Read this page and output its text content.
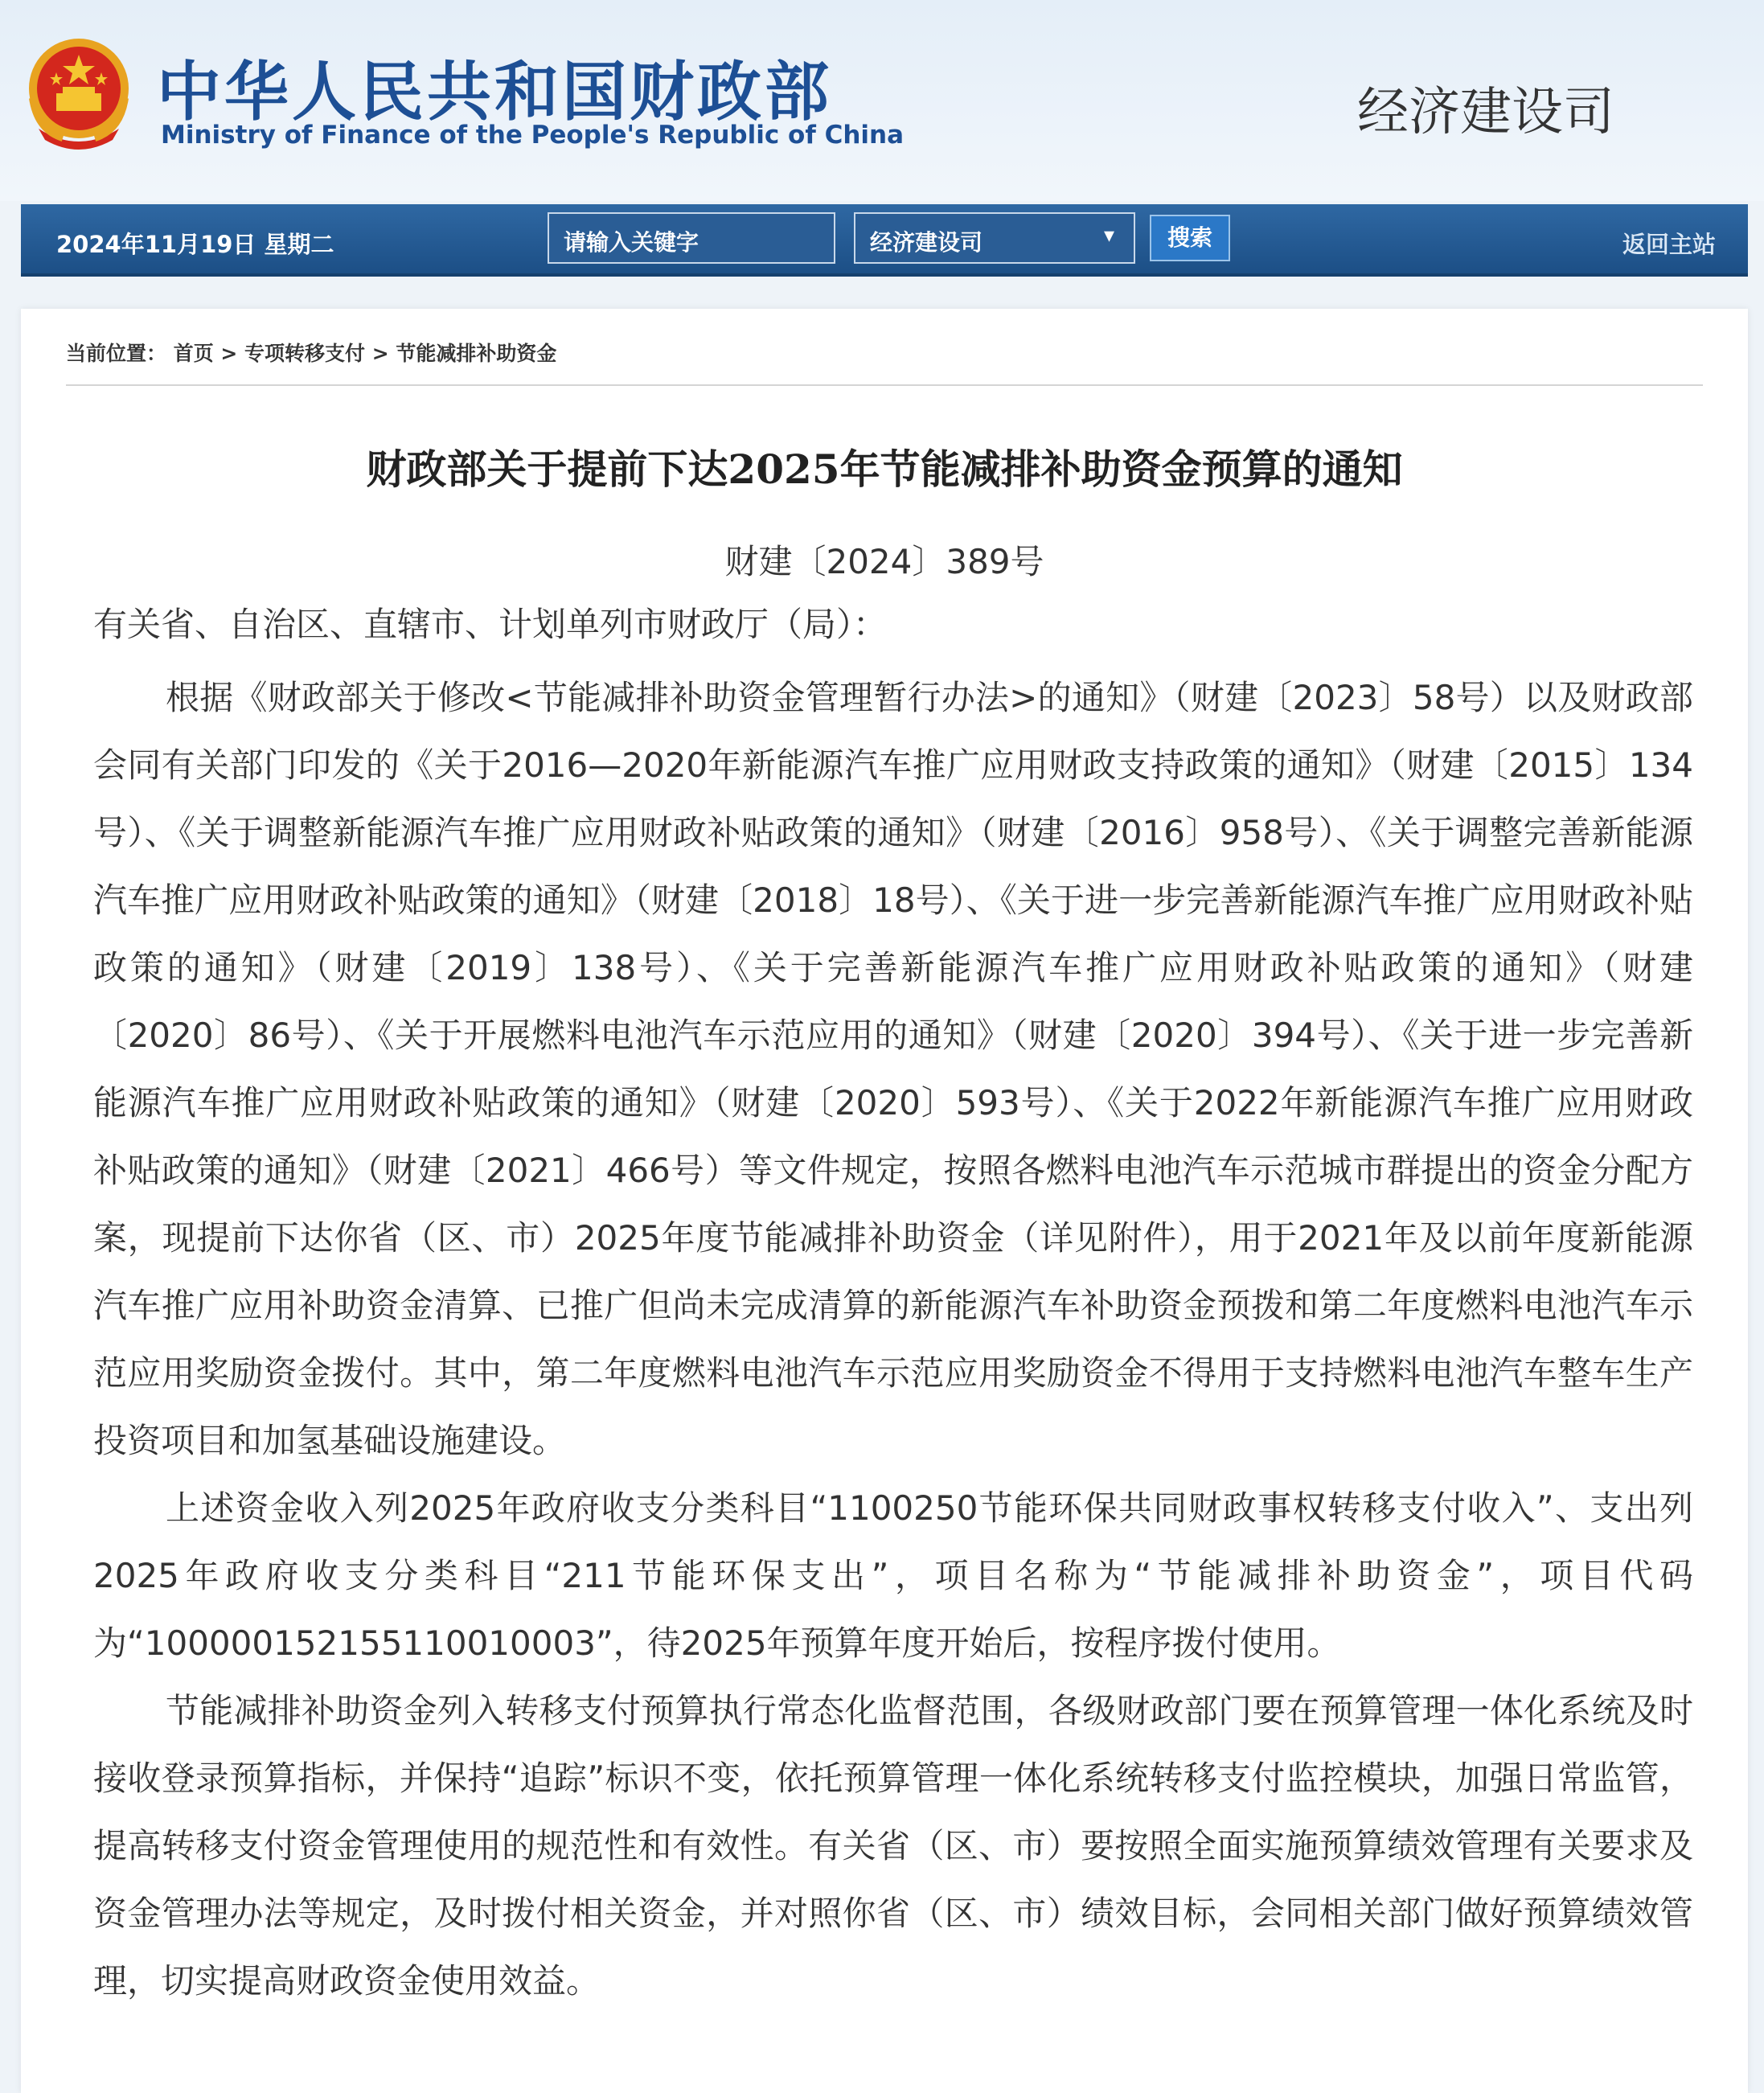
中华人民共和国财政部
Ministry of Finance of the People's Republic of China	经济建设司
2024年11月19日 星期二	请输入关键字	经济建设司	▾	搜索	返回主站
当前位置： 首页 > 专项转移支付 > 节能减排补助资金
财政部关于提前下达2025年节能减排补助资金预算的通知
财建〔2024〕389号
有关省、自治区、直辖市、计划单列市财政厅（局）：

根据《财政部关于修改<节能减排补助资金管理暂行办法>的通知》（财建〔2023〕58号）以及财政部会同有关部门印发的《关于2016—2020年新能源汽车推广应用财政支持政策的通知》（财建〔2015〕134号）、《关于调整新能源汽车推广应用财政补贴政策的通知》（财建〔2016〕958号）、《关于调整完善新能源汽车推广应用财政补贴政策的通知》（财建〔2018〕18号）、《关于进一步完善新能源汽车推广应用财政补贴政策的通知》（财建〔2019〕138号）、《关于完善新能源汽车推广应用财政补贴政策的通知》（财建〔2020〕86号）、《关于开展燃料电池汽车示范应用的通知》（财建〔2020〕394号）、《关于进一步完善新能源汽车推广应用财政补贴政策的通知》（财建〔2020〕593号）、《关于2022年新能源汽车推广应用财政补贴政策的通知》（财建〔2021〕466号）等文件规定，按照各燃料电池汽车示范城市群提出的资金分配方案，现提前下达你省（区、市）2025年度节能减排补助资金（详见附件），用于2021年及以前年度新能源汽车推广应用补助资金清算、已推广但尚未完成清算的新能源汽车补助资金预拨和第二年度燃料电池汽车示范应用奖励资金拨付。其中，第二年度燃料电池汽车示范应用奖励资金不得用于支持燃料电池汽车整车生产投资项目和加氢基础设施建设。

上述资金收入列2025年政府收支分类科目“1100250节能环保共同财政事权转移支付收入”、支出列2025年政府收支分类科目“211节能环保支出”，项目名称为“节能减排补助资金”，项目代码为“100000152155110010003”，待2025年预算年度开始后，按程序拨付使用。

节能减排补助资金列入转移支付预算执行常态化监督范围，各级财政部门要在预算管理一体化系统及时接收登录预算指标，并保持“追踪”标识不变，依托预算管理一体化系统转移支付监控模块，加强日常监管，提高转移支付资金管理使用的规范性和有效性。有关省（区、市）要按照全面实施预算绩效管理有关要求及资金管理办法等规定，及时拨付相关资金，并对照你省（区、市）绩效目标，会同相关部门做好预算绩效管理，切实提高财政资金使用效益。
